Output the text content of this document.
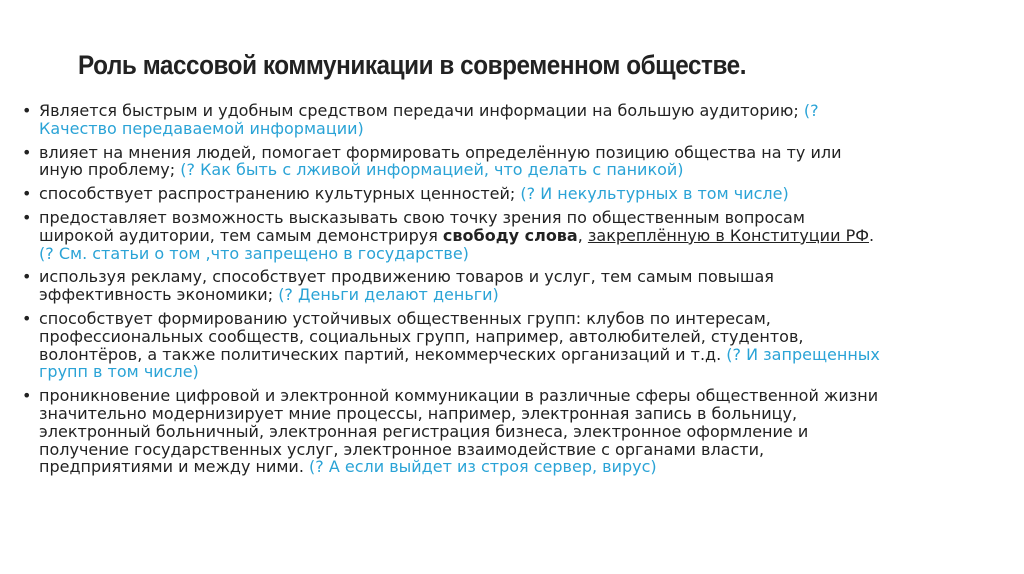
Роль массовой коммуникации в современном обществе.
• Является быстрым и удобным средством передачи информации на большую аудиторию; (? Качество передаваемой информации)
• влияет на мнения людей, помогает формировать определённую позицию общества на ту или иную проблему; (? Как быть с лживой информацией, что делать с паникой)
• способствует распространению культурных ценностей; (? И некультурных в том числе)
• предоставляет возможность высказывать свою точку зрения по общественным вопросам широкой аудитории, тем самым демонстрируя свободу слова, закреплённую в Конституции РФ. (? См. статьи о том ,что запрещено в государстве)
• используя рекламу, способствует продвижению товаров и услуг, тем самым повышая эффективность экономики; (? Деньги делают деньги)
• способствует формированию устойчивых общественных групп: клубов по интересам, профессиональных сообществ, социальных групп, например, автолюбителей, студентов, волонтёров, а также политических партий, некоммерческих организаций и т.д. (? И запрещенных групп в том числе)
• проникновение цифровой и электронной коммуникации в различные сферы общественной жизни значительно модернизирует мние процессы, например, электронная запись в больницу, электронный больничный, электронная регистрация бизнеса, электронное оформление и получение государственных услуг, электронное взаимодействие с органами власти, предприятиями и между ними. (? А если выйдет из строя сервер, вирус)
